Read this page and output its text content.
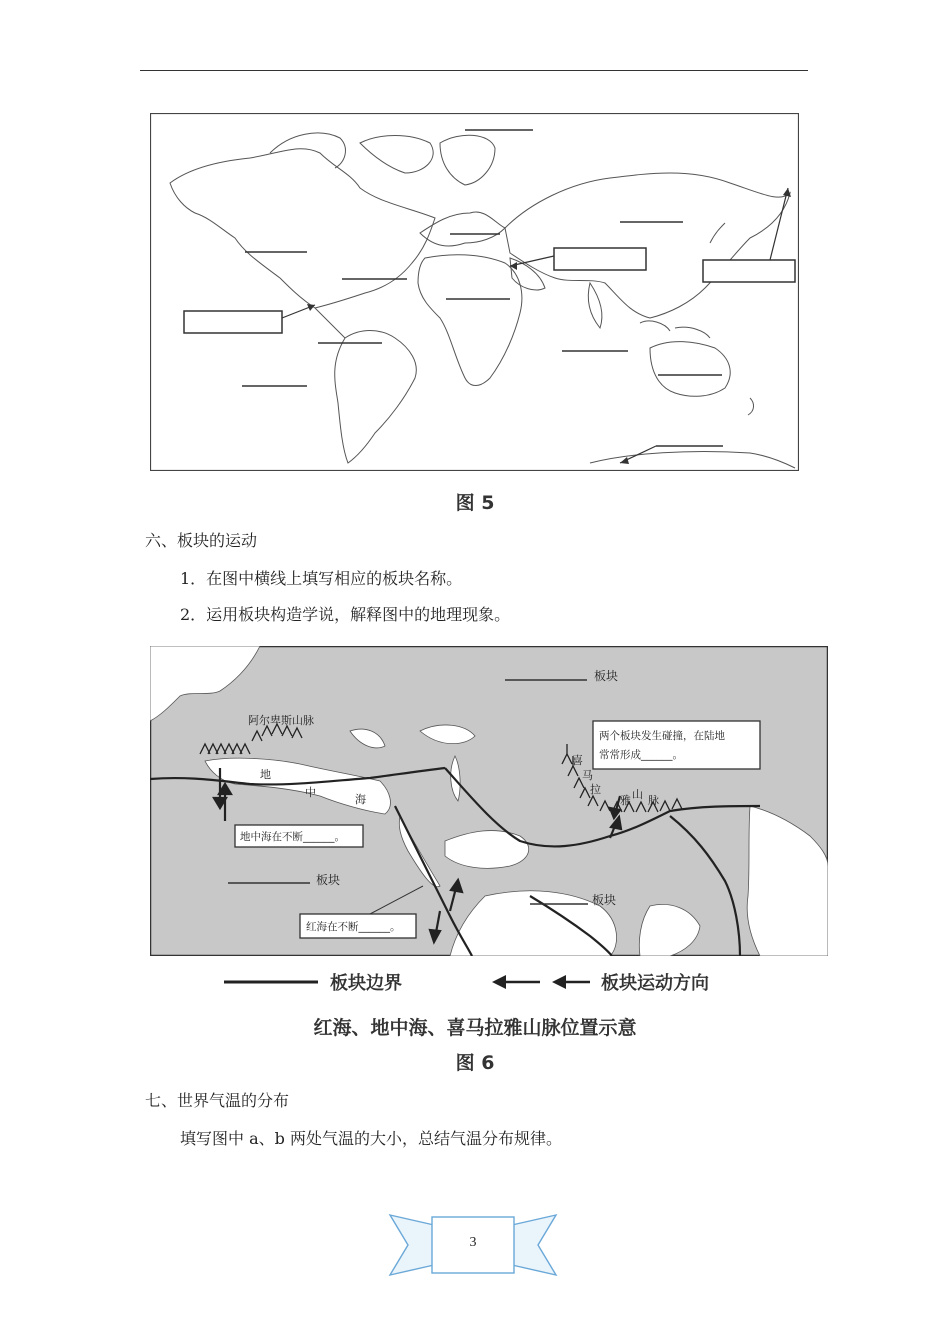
图 5
六、板块的运动
1．在图中横线上填写相应的板块名称。
2．运用板块构造学说，解释图中的地理现象。
板块
板块
板块
阿尔卑斯山脉
地
中
海
喜
马
拉
雅 山 脉
地中海在不断______。
红海在不断______。
两个板块发生碰撞，在陆地
常常形成______。
板块边界	板块运动方向
红海、地中海、喜马拉雅山脉位置示意
图 6
七、世界气温的分布
填写图中 a、b 两处气温的大小，总结气温分布规律。
3
